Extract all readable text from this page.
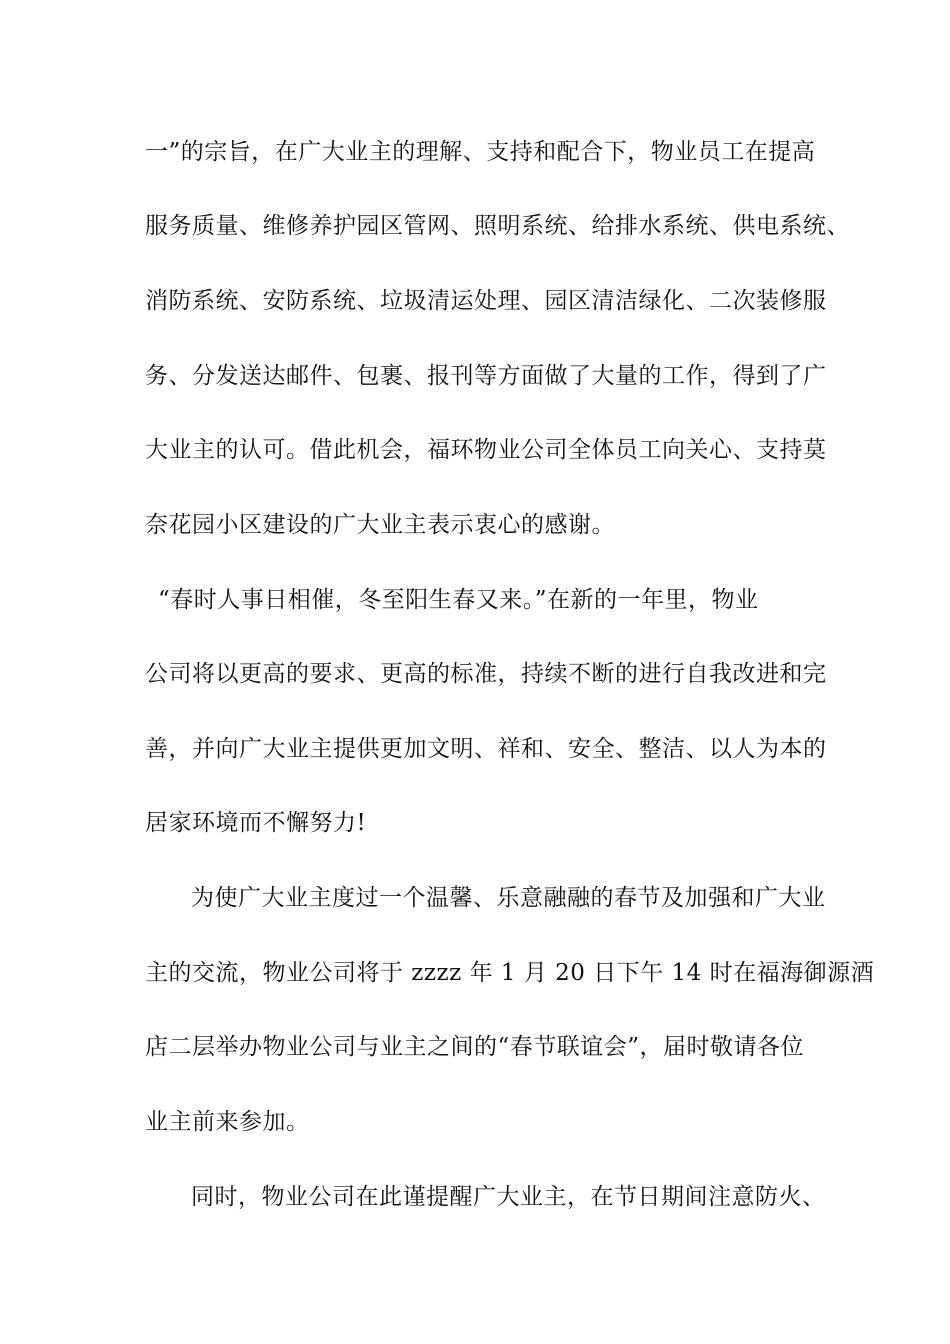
一”的宗旨，在广大业主的理解、支持和配合下，物业员工在提高
服务质量、维修养护园区管网、照明系统、给排水系统、供电系统、
消防系统、安防系统、垃圾清运处理、园区清洁绿化、二次装修服
务、分发送达邮件、包裹、报刊等方面做了大量的工作，得到了广
大业主的认可。借此机会，福环物业公司全体员工向关心、支持莫
奈花园小区建设的广大业主表示衷心的感谢。
“春时人事日相催，冬至阳生春又来。”在新的一年里，物业
公司将以更高的要求、更高的标准，持续不断的进行自我改进和完
善，并向广大业主提供更加文明、祥和、安全、整洁、以人为本的
居家环境而不懈努力!
为使广大业主度过一个温馨、乐意融融的春节及加强和广大业
主的交流，物业公司将于 zzzz 年 1 月 20 日下午 14 时在福海御源酒
店二层举办物业公司与业主之间的“春节联谊会”，届时敬请各位
业主前来参加。
同时，物业公司在此谨提醒广大业主，在节日期间注意防火、
